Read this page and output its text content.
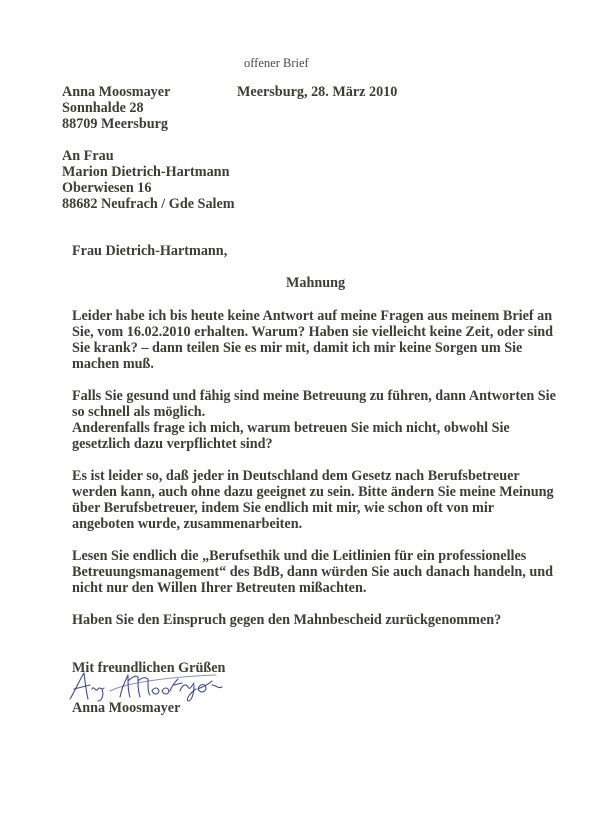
offener Brief
Anna Moosmayer
Sonnhalde 28
88709 Meersburg
Meersburg, 28. März 2010
An Frau
Marion Dietrich-Hartmann
Oberwiesen 16
88682 Neufrach / Gde Salem
Frau Dietrich-Hartmann,
Mahnung
Leider habe ich bis heute keine Antwort auf meine Fragen aus meinem Brief an
Sie, vom 16.02.2010 erhalten. Warum? Haben sie vielleicht keine Zeit, oder sind
Sie krank? – dann teilen Sie es mir mit, damit ich mir keine Sorgen um Sie
machen muß.
Falls Sie gesund und fähig sind meine Betreuung zu führen, dann Antworten Sie
so schnell als möglich.
Anderenfalls frage ich mich, warum betreuen Sie mich nicht, obwohl Sie
gesetzlich dazu verpflichtet sind?
Es ist leider so, daß jeder in Deutschland dem Gesetz nach Berufsbetreuer
werden kann, auch ohne dazu geeignet zu sein. Bitte ändern Sie meine Meinung
über Berufsbetreuer, indem Sie endlich mit mir, wie schon oft von mir
angeboten wurde, zusammenarbeiten.
Lesen Sie endlich die „Berufsethik und die Leitlinien für ein professionelles
Betreuungsmanagement“ des BdB, dann würden Sie auch danach handeln, und
nicht nur den Willen Ihrer Betreuten mißachten.
Haben Sie den Einspruch gegen den Mahnbescheid zurückgenommen?
Mit freundlichen Grüßen
Anna Moosmayer
